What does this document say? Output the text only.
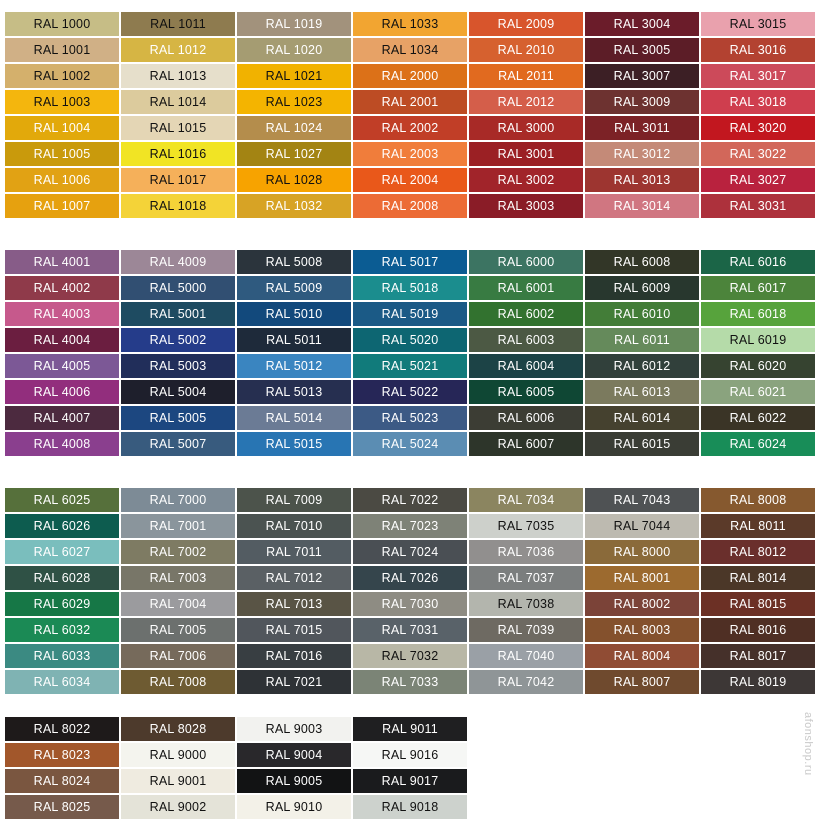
RAL 1000	RAL 1011	RAL 1019	RAL 1033	RAL 2009	RAL 3004	RAL 3015
RAL 1001	RAL 1012	RAL 1020	RAL 1034	RAL 2010	RAL 3005	RAL 3016
RAL 1002	RAL 1013	RAL 1021	RAL 2000	RAL 2011	RAL 3007	RAL 3017
RAL 1003	RAL 1014	RAL 1023	RAL 2001	RAL 2012	RAL 3009	RAL 3018
RAL 1004	RAL 1015	RAL 1024	RAL 2002	RAL 3000	RAL 3011	RAL 3020
RAL 1005	RAL 1016	RAL 1027	RAL 2003	RAL 3001	RAL 3012	RAL 3022
RAL 1006	RAL 1017	RAL 1028	RAL 2004	RAL 3002	RAL 3013	RAL 3027
RAL 1007	RAL 1018	RAL 1032	RAL 2008	RAL 3003	RAL 3014	RAL 3031
RAL 4001	RAL 4009	RAL 5008	RAL 5017	RAL 6000	RAL 6008	RAL 6016
RAL 4002	RAL 5000	RAL 5009	RAL 5018	RAL 6001	RAL 6009	RAL 6017
RAL 4003	RAL 5001	RAL 5010	RAL 5019	RAL 6002	RAL 6010	RAL 6018
RAL 4004	RAL 5002	RAL 5011	RAL 5020	RAL 6003	RAL 6011	RAL 6019
RAL 4005	RAL 5003	RAL 5012	RAL 5021	RAL 6004	RAL 6012	RAL 6020
RAL 4006	RAL 5004	RAL 5013	RAL 5022	RAL 6005	RAL 6013	RAL 6021
RAL 4007	RAL 5005	RAL 5014	RAL 5023	RAL 6006	RAL 6014	RAL 6022
RAL 4008	RAL 5007	RAL 5015	RAL 5024	RAL 6007	RAL 6015	RAL 6024
RAL 6025	RAL 7000	RAL 7009	RAL 7022	RAL 7034	RAL 7043	RAL 8008
RAL 6026	RAL 7001	RAL 7010	RAL 7023	RAL 7035	RAL 7044	RAL 8011
RAL 6027	RAL 7002	RAL 7011	RAL 7024	RAL 7036	RAL 8000	RAL 8012
RAL 6028	RAL 7003	RAL 7012	RAL 7026	RAL 7037	RAL 8001	RAL 8014
RAL 6029	RAL 7004	RAL 7013	RAL 7030	RAL 7038	RAL 8002	RAL 8015
RAL 6032	RAL 7005	RAL 7015	RAL 7031	RAL 7039	RAL 8003	RAL 8016
RAL 6033	RAL 7006	RAL 7016	RAL 7032	RAL 7040	RAL 8004	RAL 8017
RAL 6034	RAL 7008	RAL 7021	RAL 7033	RAL 7042	RAL 8007	RAL 8019
RAL 8022	RAL 8028	RAL 9003	RAL 9011
RAL 8023	RAL 9000	RAL 9004	RAL 9016
RAL 8024	RAL 9001	RAL 9005	RAL 9017
RAL 8025	RAL 9002	RAL 9010	RAL 9018
afonshop.ru
